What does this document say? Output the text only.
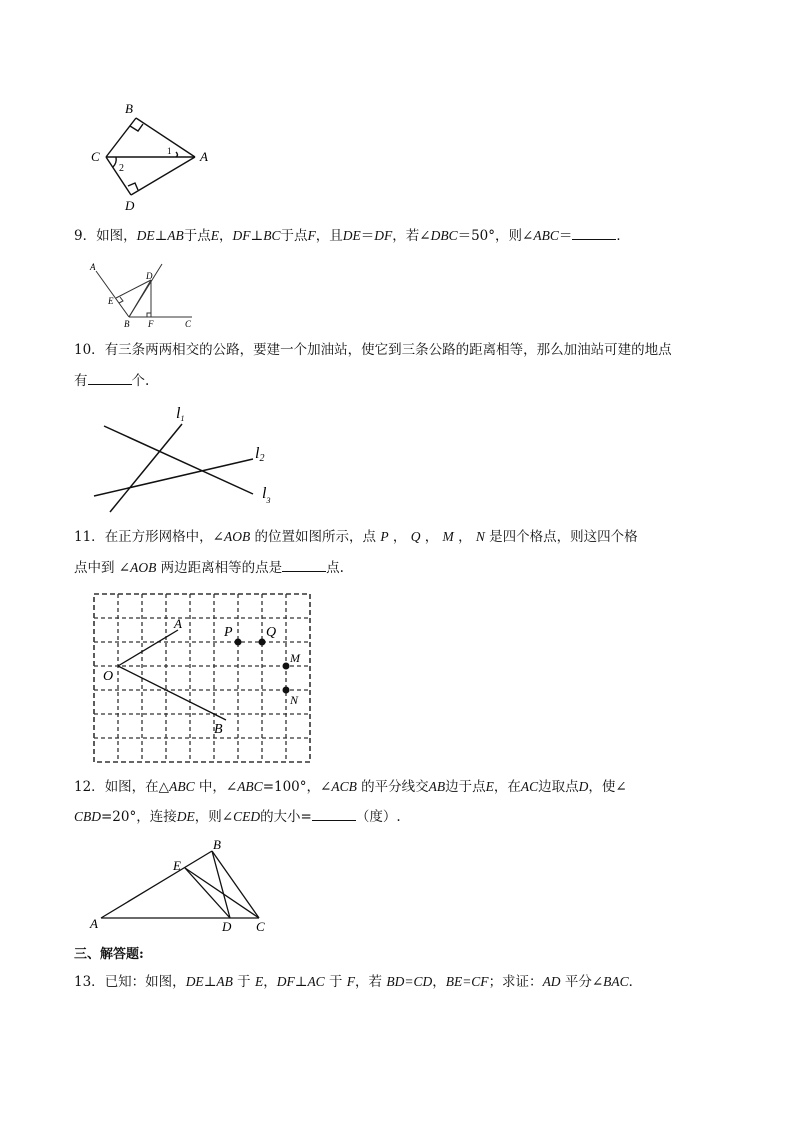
B
C	A
D
1
2
9．如图，DE⊥AB于点E，DF⊥BC于点F，且DE＝DF，若∠DBC＝50°，则∠ABC＝	．
A
D
E
B F	C
10．有三条两两相交的公路，要建一个加油站，使它到三条公路的距离相等，那么加油站可建的地点
有	个.
l1
l2
$l_3$
11．在正方形网格中，∠AOB 的位置如图所示，点 P ， Q ， M ， N 是四个格点，则这四个格
点中到 ∠AOB 两边距离相等的点是	点.
A
O
B
P Q
M
N
12．如图，在△ABC 中，∠ABC=100°，∠ACB 的平分线交AB边于点E，在AC边取点D，使∠
CBD=20°，连接DE，则∠CED的大小=	（度）.
A
B
E
D C
三、解答题:
13．已知：如图，DE⊥AB 于 E，DF⊥AC 于 F，若 BD=CD，BE=CF；求证：AD 平分∠BAC．
